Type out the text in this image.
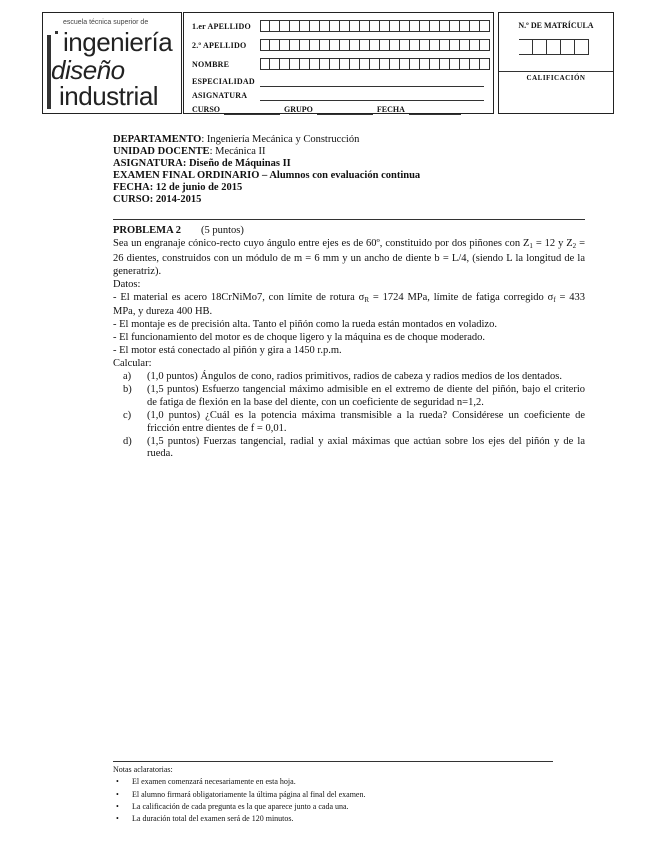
escuela técnica superior de
ingeniería
diseño
industrial
1.er APELLIDO
2.º APELLIDO
NOMBRE
ESPECIALIDAD
ASIGNATURA
CURSO	GRUPO	FECHA
N.º DE MATRÍCULA
CALIFICACIÓN
DEPARTAMENTO: Ingeniería Mecánica y Construcción
UNIDAD DOCENTE: Mecánica II
ASIGNATURA: Diseño de Máquinas II
EXAMEN FINAL ORDINARIO – Alumnos con evaluación continua
FECHA: 12 de junio de 2015
CURSO: 2014-2015

PROBLEMA 2 (5 puntos)

Sea un engranaje cónico-recto cuyo ángulo entre ejes es de 60º, constituido por dos piñones con $Z_1 = 12$ y $Z_2 = 26$ dientes, construidos con un módulo de m = 6 mm y un ancho de diente b = L/4, (siendo L la longitud de la generatriz).

Datos:

- El material es acero 18CrNiMo7, con límite de rotura $\sigma_R = 1724$ MPa, límite de fatiga corregido $\sigma_f = 433$ MPa, y dureza 400 HB.

- El montaje es de precisión alta. Tanto el piñón como la rueda están montados en voladizo.

- El funcionamiento del motor es de choque ligero y la máquina es de choque moderado.

- El motor está conectado al piñón y gira a 1450 r.p.m.

Calcular:

a) (1,0 puntos) Ángulos de cono, radios primitivos, radios de cabeza y radios medios de los dentados.
b) (1,5 puntos) Esfuerzo tangencial máximo admisible en el extremo de diente del piñón, bajo el criterio de fatiga de flexión en la base del diente, con un coeficiente de seguridad n=1,2.
c) (1,0 puntos) ¿Cuál es la potencia máxima transmisible a la rueda? Considérese un coeficiente de fricción entre dientes de f = 0,01.
d) (1,5 puntos) Fuerzas tangencial, radial y axial máximas que actúan sobre los ejes del piñón y de la rueda.
Notas aclaratorias:
• El examen comenzará necesariamente en esta hoja.
• El alumno firmará obligatoriamente la última página al final del examen.
• La calificación de cada pregunta es la que aparece junto a cada una.
• La duración total del examen será de 120 minutos.
